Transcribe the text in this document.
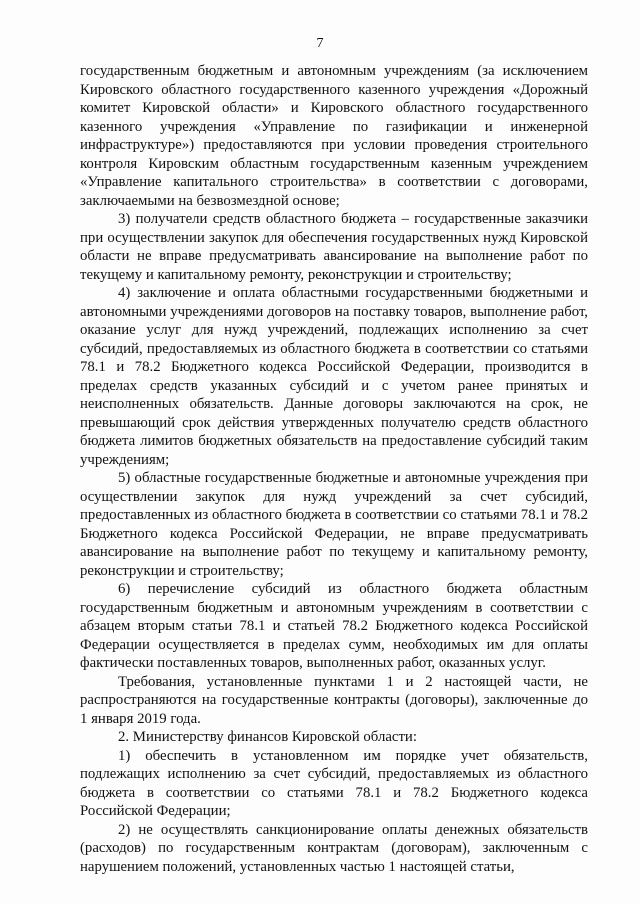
7

государственным бюджетным и автономным учреждениям (за исключением Кировского областного государственного казенного учреждения «Дорожный комитет Кировской области» и Кировского областного государственного казенного учреждения «Управление по газификации и инженерной инфраструктуре») предоставляются при условии проведения строительного контроля Кировским областным государственным казенным учреждением «Управление капитального строительства» в соответствии с договорами, заключаемыми на безвозмездной основе;

3) получатели средств областного бюджета – государственные заказчики при осуществлении закупок для обеспечения государственных нужд Кировской области не вправе предусматривать авансирование на выполнение работ по текущему и капитальному ремонту, реконструкции и строительству;

4) заключение и оплата областными государственными бюджетными и автономными учреждениями договоров на поставку товаров, выполнение работ, оказание услуг для нужд учреждений, подлежащих исполнению за счет субсидий, предоставляемых из областного бюджета в соответствии со статьями 78.1 и 78.2 Бюджетного кодекса Российской Федерации, производится в пределах средств указанных субсидий и с учетом ранее принятых и неисполненных обязательств. Данные договоры заключаются на срок, не превышающий срок действия утвержденных получателю средств областного бюджета лимитов бюджетных обязательств на предоставление субсидий таким учреждениям;

5) областные государственные бюджетные и автономные учреждения при осуществлении закупок для нужд учреждений за счет субсидий, предоставленных из областного бюджета в соответствии со статьями 78.1 и 78.2 Бюджетного кодекса Российской Федерации, не вправе предусматривать авансирование на выполнение работ по текущему и капитальному ремонту, реконструкции и строительству;

6) перечисление субсидий из областного бюджета областным государственным бюджетным и автономным учреждениям в соответствии с абзацем вторым статьи 78.1 и статьей 78.2 Бюджетного кодекса Российской Федерации осуществляется в пределах сумм, необходимых им для оплаты фактически поставленных товаров, выполненных работ, оказанных услуг.

Требования, установленные пунктами 1 и 2 настоящей части, не распространяются на государственные контракты (договоры), заключенные до 1 января 2019 года.

2. Министерству финансов Кировской области:

1) обеспечить в установленном им порядке учет обязательств, подлежащих исполнению за счет субсидий, предоставляемых из областного бюджета в соответствии со статьями 78.1 и 78.2 Бюджетного кодекса Российской Федерации;

2) не осуществлять санкционирование оплаты денежных обязательств (расходов) по государственным контрактам (договорам), заключенным с нарушением положений, установленных частью 1 настоящей статьи,
